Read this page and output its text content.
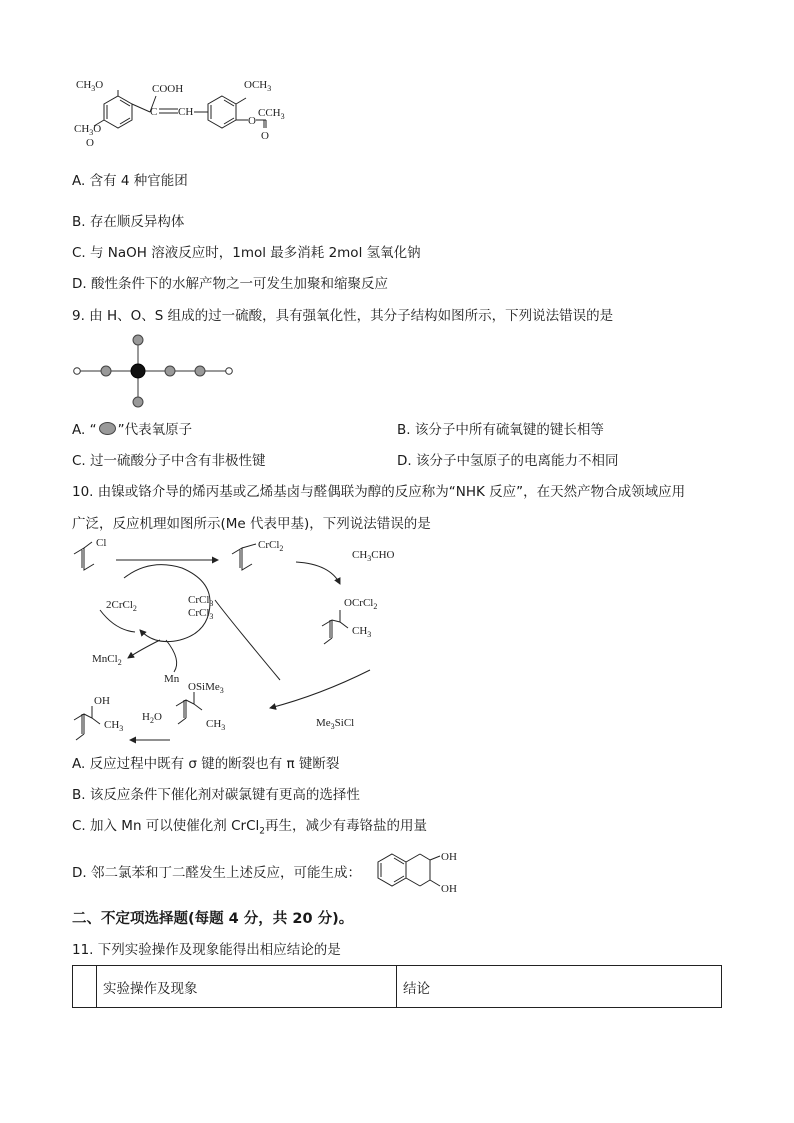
$CH_3O$	COOH
C CH
$OCH_3$
O
$CCH_3$
O
$CH_3O$
O
A. 含有 4 种官能团
B. 存在顺反异构体
C. 与 NaOH 溶液反应时，1mol 最多消耗 2mol 氢氧化钠
D. 酸性条件下的水解产物之一可发生加聚和缩聚反应
9. 由 H、O、S 组成的过一硫酸，具有强氧化性，其分子结构如图所示，下列说法错误的是
A. “ ”代表氧原子	B. 该分子中所有硫氧键的键长相等
C. 过一硫酸分子中含有非极性键	D. 该分子中氢原子的电离能力不相同
10. 由镍或铬介导的烯丙基或乙烯基卤与醛偶联为醇的反应称为“NHK 反应”，在天然产物合成领域应用
广泛，反应机理如图所示(Me 代表甲基)，下列说法错误的是
Cl	CrCl$_2$
$CH_3CHO$
OCrCl$_2$
$CH_3$
2CrCl$_2$
CrCl$_3$
CrCl$_3$
MnCl$_2$
Mn
OH
$CH_3$
$H_2O$
OSiMe$_3$
$CH_3$	$Me_3SiCl$
A. 反应过程中既有 σ 键的断裂也有 π 键断裂
B. 该反应条件下催化剂对碳氯键有更高的选择性
C. 加入 Mn 可以使催化剂 CrCl$_2$再生，减少有毒铬盐的用量
D. 邻二氯苯和丁二醛发生上述反应，可能生成：
OH
OH
二、不定项选择题(每题 4 分，共 20 分)。
11. 下列实验操作及现象能得出相应结论的是
	实验操作及现象	结论
